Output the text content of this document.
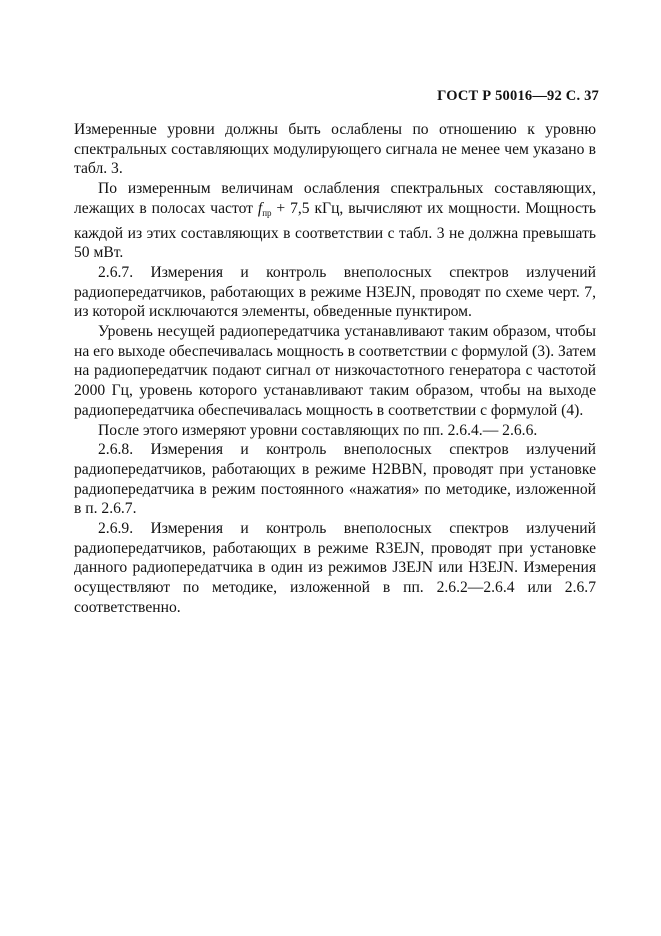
ГОСТ Р 50016—92 С. 37

Измеренные уровни должны быть ослаблены по отношению к уровню спектральных составляющих модулирующего сигнала не менее чем указано в табл. 3.

По измеренным величинам ослабления спектральных составляющих, лежащих в полосах частот $f_{пр} + 7,5$ кГц, вычисляют их мощности. Мощность каждой из этих составляющих в соответствии с табл. 3 не должна превышать 50 мВт.

2.6.7. Измерения и контроль внеполосных спектров излучений радиопередатчиков, работающих в режиме H3EJN, проводят по схеме черт. 7, из которой исключаются элементы, обведенные пунктиром.

Уровень несущей радиопередатчика устанавливают таким образом, чтобы на его выходе обеспечивалась мощность в соответствии с формулой (3). Затем на радиопередатчик подают сигнал от низкочастотного генератора с частотой 2000 Гц, уровень которого устанавливают таким образом, чтобы на выходе радиопередатчика обеспечивалась мощность в соответствии с формулой (4).

После этого измеряют уровни составляющих по пп. 2.6.4.— 2.6.6.

2.6.8. Измерения и контроль внеполосных спектров излучений радиопередатчиков, работающих в режиме H2BBN, проводят при установке радиопередатчика в режим постоянного «нажатия» по методике, изложенной в п. 2.6.7.

2.6.9. Измерения и контроль внеполосных спектров излучений радиопередатчиков, работающих в режиме R3EJN, проводят при установке данного радиопередатчика в один из режимов J3EJN или H3EJN. Измерения осуществляют по методике, изложенной в пп. 2.6.2—2.6.4 или 2.6.7 соответственно.
